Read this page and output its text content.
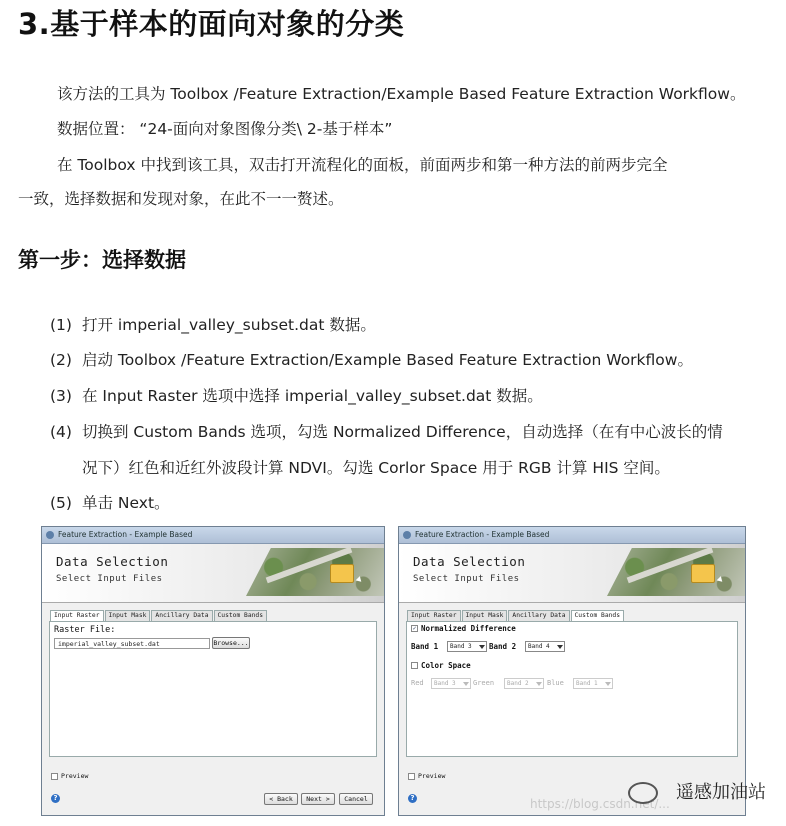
3.基于样本的面向对象的分类
该方法的工具为 Toolbox /Feature Extraction/Example Based Feature Extraction Workflow。
数据位置： “24-面向对象图像分类\ 2-基于样本”
在 Toolbox 中找到该工具，双击打开流程化的面板，前面两步和第一种方法的前两步完全
一致，选择数据和发现对象，在此不一一赘述。
第一步：选择数据
(1) 打开 imperial_valley_subset.dat 数据。
(2) 启动 Toolbox /Feature Extraction/Example Based Feature Extraction Workflow。
(3) 在 Input Raster 选项中选择 imperial_valley_subset.dat 数据。
(4) 切换到 Custom Bands 选项，勾选 Normalized Difference，自动选择（在有中心波长的情
况下）红色和近红外波段计算 NDVI。勾选 Corlor Space 用于 RGB 计算 HIS 空间。
(5) 单击 Next。
Feature Extraction - Example Based
Data Selection
Select Input Files
Input Raster	Input Mask	Ancillary Data	Custom Bands
Raster File:
imperial_valley_subset.dat	Browse...
Preview
?	< Back	Next >	Cancel
Feature Extraction - Example Based
Data Selection
Select Input Files
Input Raster	Input Mask	Ancillary Data	Custom Bands
✓ Normalized Difference
Band 1	Band 3	Band 2	Band 4
Color Space
Red	Band 3	Green	Band 2	Blue	Band 1
Preview
?	https://blog.csdn.net/...
遥感加油站
